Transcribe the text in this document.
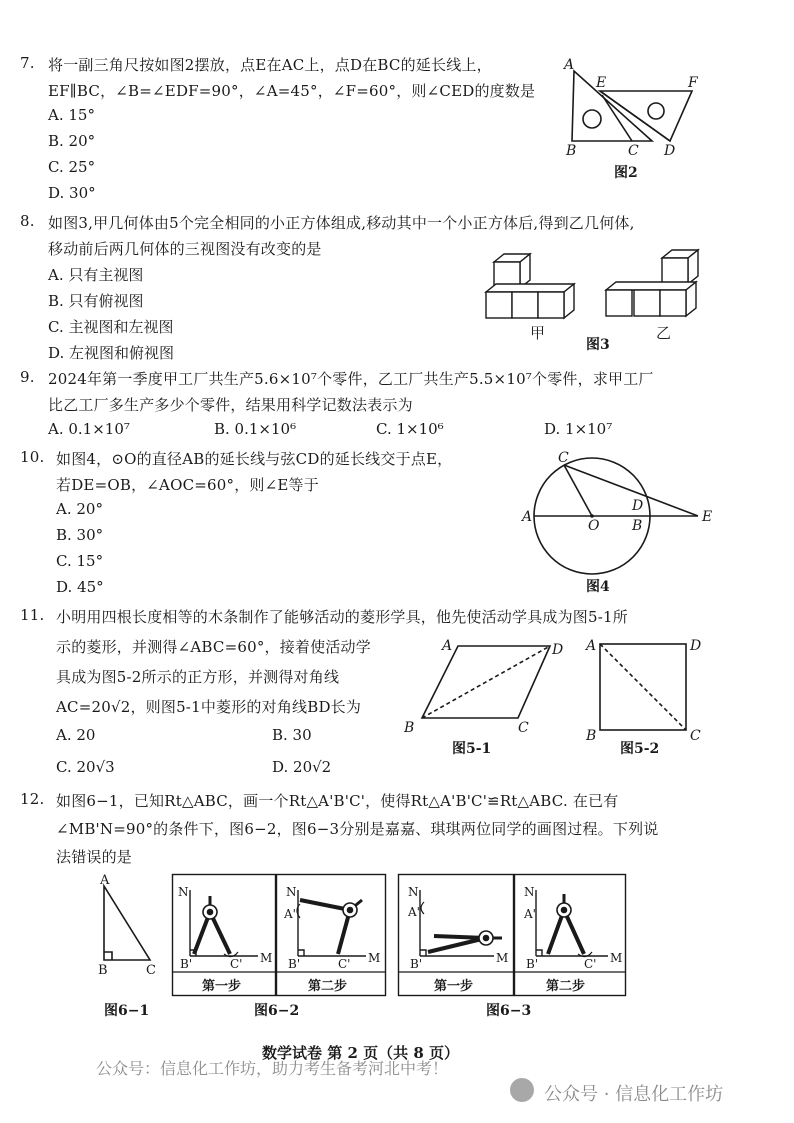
7. 将一副三角尺按如图2摆放，点E在AC上，点D在BC的延长线上，
EF∥BC，∠B=∠EDF=90°，∠A=45°，∠F=60°，则∠CED的度数是
A. 15°
B. 20°
C. 25°
D. 30°
A
E	F
B	C D
图2
8. 如图3,甲几何体由5个完全相同的小正方体组成,移动其中一个小正方体后,得到乙几何体,
移动前后两几何体的三视图没有改变的是
A. 只有主视图
B. 只有俯视图
C. 主视图和左视图
D. 左视图和俯视图
甲	乙
图3
9. 2024年第一季度甲工厂共生产5.6×10⁷个零件，乙工厂共生产5.5×10⁷个零件，求甲工厂
比乙工厂多生产多少个零件，结果用科学记数法表示为
A. 0.1×10⁷	B. 0.1×10⁶	C. 1×10⁶	D. 1×10⁷
10. 如图4，⊙O的直径AB的延长线与弦CD的延长线交于点E，
若DE=OB，∠AOC=60°，则∠E等于
A. 20°
B. 30°
C. 15°
D. 45°
C
D
A
O B
E
图4
11. 小明用四根长度相等的木条制作了能够活动的菱形学具，他先使活动学具成为图5-1所
示的菱形，并测得∠ABC=60°，接着使活动学
具成为图5-2所示的正方形，并测得对角线
AC=20√2，则图5-1中菱形的对角线BD长为
A. 20	B. 30
C. 20√3	D. 20√2
A	D
B	C
图5-1
A	D
B	C
图5-2
12. 如图6−1，已知Rt△ABC，画一个Rt△A'B'C'，使得Rt△A'B'C'≌Rt△ABC. 在已有
∠MB'N=90°的条件下，图6−2，图6−3分别是嘉嘉、琪琪两位同学的画图过程。下列说
法错误的是
A
B	C
图6−1
N
M
B'	C'
第一步
N
A'
M
B'	C'
第二步
图6−2
N
A'
M
B'
第一步
N
A'
M
B'	C'
第二步
图6−3
数学试卷 第 2 页（共 8 页）
公众号：信息化工作坊，助力考生备考河北中考！
公众号 · 信息化工作坊
